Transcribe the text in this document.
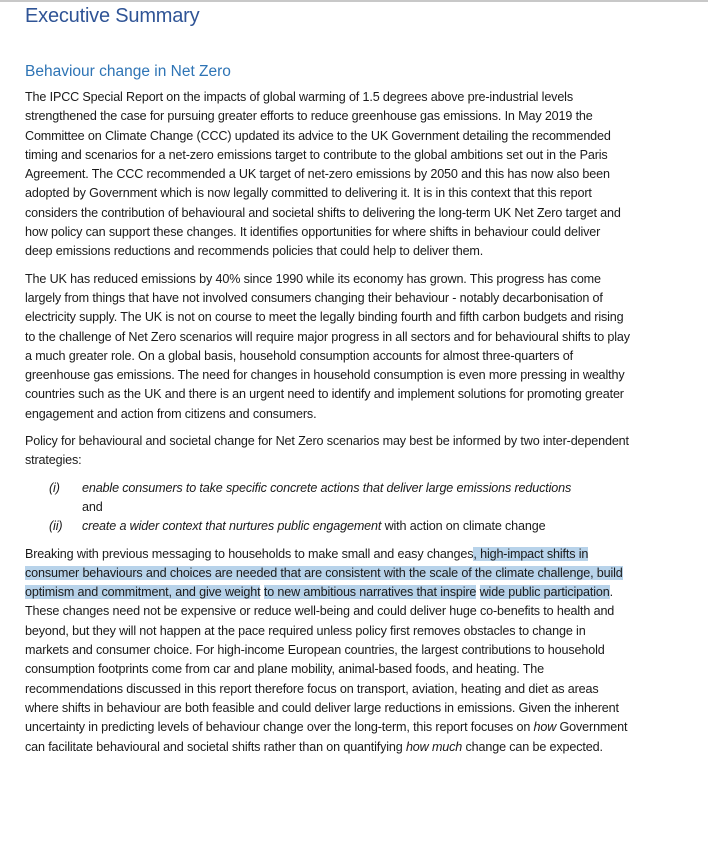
Executive Summary
Behaviour change in Net Zero

The IPCC Special Report on the impacts of global warming of 1.5 degrees above pre-industrial levels strengthened the case for pursuing greater efforts to reduce greenhouse gas emissions. In May 2019 the Committee on Climate Change (CCC) updated its advice to the UK Government detailing the recommended timing and scenarios for a net-zero emissions target to contribute to the global ambitions set out in the Paris Agreement. The CCC recommended a UK target of net-zero emissions by 2050 and this has now also been adopted by Government which is now legally committed to delivering it. It is in this context that this report considers the contribution of behavioural and societal shifts to delivering the long-term UK Net Zero target and how policy can support these changes. It identifies opportunities for where shifts in behaviour could deliver deep emissions reductions and recommends policies that could help to deliver them.

The UK has reduced emissions by 40% since 1990 while its economy has grown. This progress has come largely from things that have not involved consumers changing their behaviour - notably decarbonisation of electricity supply. The UK is not on course to meet the legally binding fourth and fifth carbon budgets and rising to the challenge of Net Zero scenarios will require major progress in all sectors and for behavioural shifts to play a much greater role. On a global basis, household consumption accounts for almost three-quarters of greenhouse gas emissions. The need for changes in household consumption is even more pressing in wealthy countries such as the UK and there is an urgent need to identify and implement solutions for promoting greater engagement and action from citizens and consumers.

Policy for behavioural and societal change for Net Zero scenarios may best be informed by two inter-dependent strategies:

(i) enable consumers to take specific concrete actions that deliver large emissions reductions
and
(ii) create a wider context that nurtures public engagement with action on climate change

Breaking with previous messaging to households to make small and easy changes, high-impact shifts in consumer behaviours and choices are needed that are consistent with the scale of the climate challenge, build optimism and commitment, and give weight to new ambitious narratives that inspire wide public participation. These changes need not be expensive or reduce well-being and could deliver huge co-benefits to health and beyond, but they will not happen at the pace required unless policy first removes obstacles to change in markets and consumer choice. For high-income European countries, the largest contributions to household consumption footprints come from car and plane mobility, animal-based foods, and heating. The recommendations discussed in this report therefore focus on transport, aviation, heating and diet as areas where shifts in behaviour are both feasible and could deliver large reductions in emissions. Given the inherent uncertainty in predicting levels of behaviour change over the long-term, this report focuses on how Government can facilitate behavioural and societal shifts rather than on quantifying how much change can be expected.
